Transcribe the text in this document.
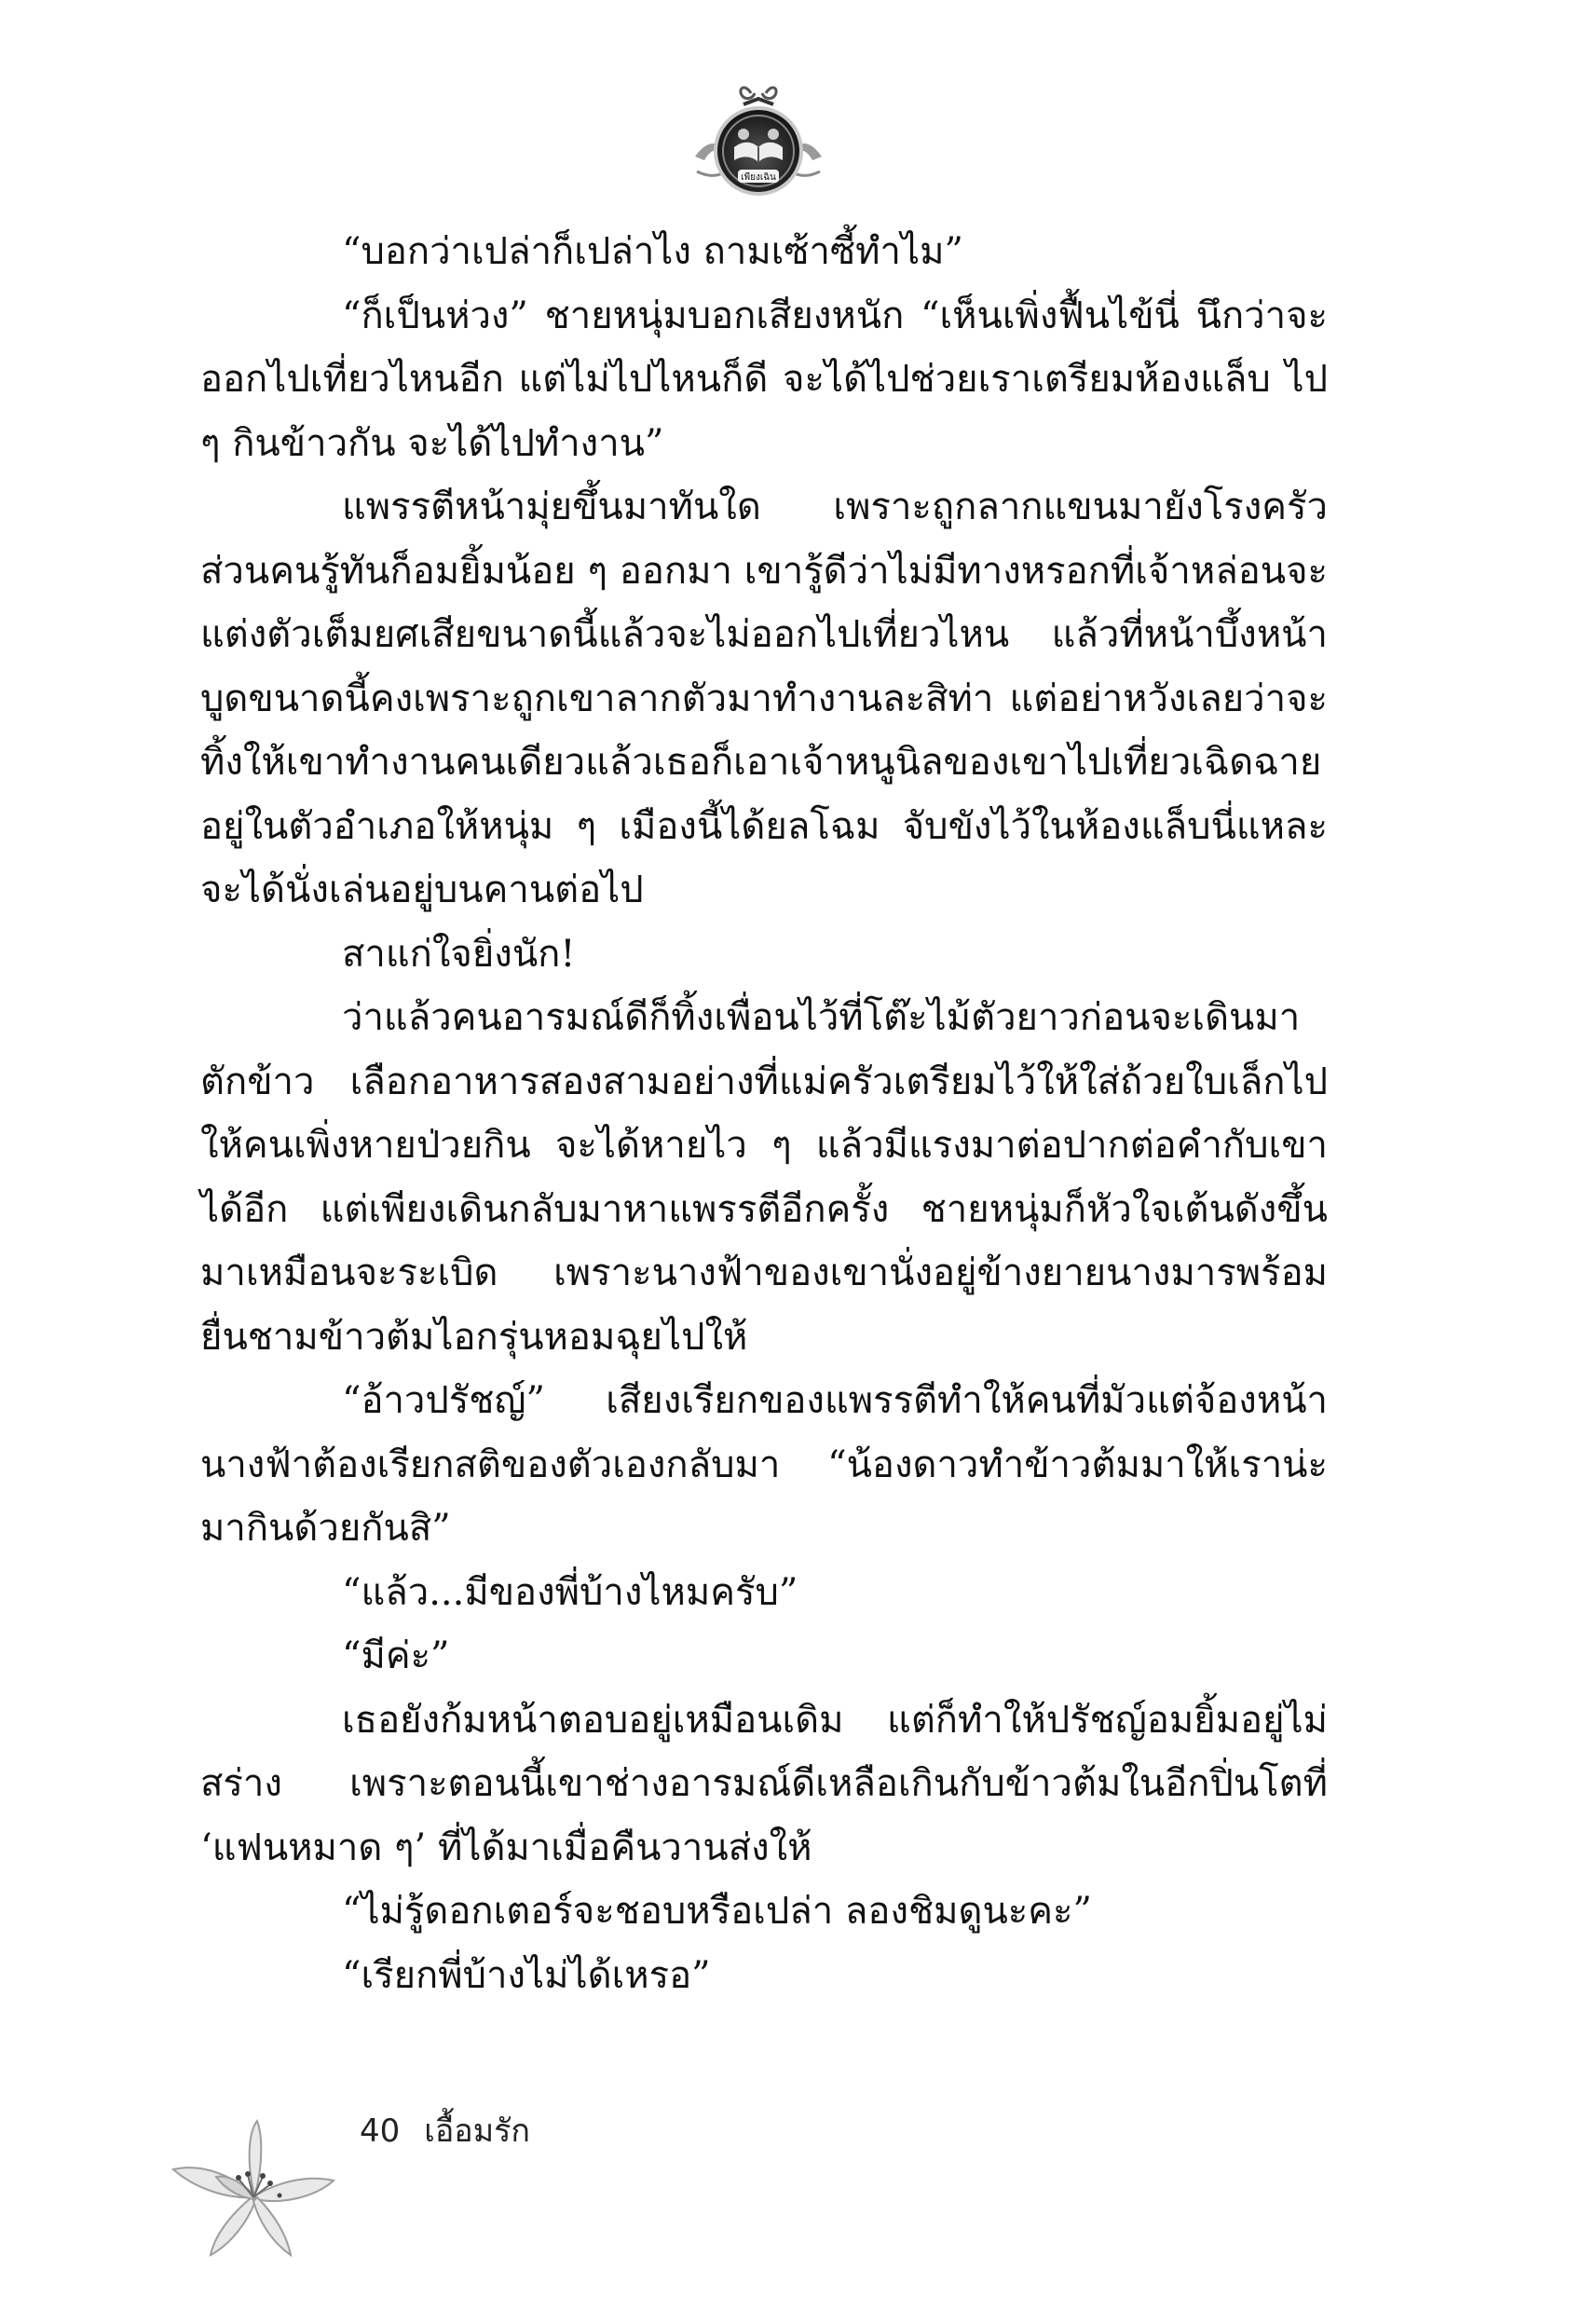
เพียงเฉิน

“บอกว่าเปล่าก็เปล่าไง ถามเซ้าซี้ทำไม”

“ก็เป็นห่วง” ชายหนุ่มบอกเสียงหนัก “เห็นเพิ่งฟื้นไข้นี่ นึกว่าจะออกไปเที่ยวไหนอีก แต่ไม่ไปไหนก็ดี จะได้ไปช่วยเราเตรียมห้องแล็บ ไป ๆ กินข้าวกัน จะได้ไปทำงาน”

แพรรตีหน้ามุ่ยขึ้นมาทันใด เพราะถูกลากแขนมายังโรงครัว ส่วนคนรู้ทันก็อมยิ้มน้อย ๆ ออกมา เขารู้ดีว่าไม่มีทางหรอกที่เจ้าหล่อนจะแต่งตัวเต็มยศเสียขนาดนี้แล้วจะไม่ออกไปเที่ยวไหน แล้วที่หน้าบึ้งหน้าบูดขนาดนี้คงเพราะถูกเขาลากตัวมาทำงานละสิท่า แต่อย่าหวังเลยว่าจะทิ้งให้เขาทำงานคนเดียวแล้วเธอก็เอาเจ้าหนูนิลของเขาไปเที่ยวเฉิดฉายอยู่ในตัวอำเภอให้หนุ่ม ๆ เมืองนี้ได้ยลโฉม จับขังไว้ในห้องแล็บนี่แหละ จะได้นั่งเล่นอยู่บนคานต่อไป

สาแก่ใจยิ่งนัก!

ว่าแล้วคนอารมณ์ดีก็ทิ้งเพื่อนไว้ที่โต๊ะไม้ตัวยาวก่อนจะเดินมาตักข้าว เลือกอาหารสองสามอย่างที่แม่ครัวเตรียมไว้ให้ใส่ถ้วยใบเล็กไปให้คนเพิ่งหายป่วยกิน จะได้หายไว ๆ แล้วมีแรงมาต่อปากต่อคำกับเขาได้อีก แต่เพียงเดินกลับมาหาแพรรตีอีกครั้ง ชายหนุ่มก็หัวใจเต้นดังขึ้นมาเหมือนจะระเบิด เพราะนางฟ้าของเขานั่งอยู่ข้างยายนางมารพร้อมยื่นชามข้าวต้มไอกรุ่นหอมฉุยไปให้

“อ้าวปรัชญ์” เสียงเรียกของแพรรตีทำให้คนที่มัวแต่จ้องหน้านางฟ้าต้องเรียกสติของตัวเองกลับมา “น้องดาวทำข้าวต้มมาให้เราน่ะ มากินด้วยกันสิ”

“แล้ว...มีของพี่บ้างไหมครับ”

“มีค่ะ”

เธอยังก้มหน้าตอบอยู่เหมือนเดิม แต่ก็ทำให้ปรัชญ์อมยิ้มอยู่ไม่สร่าง เพราะตอนนี้เขาช่างอารมณ์ดีเหลือเกินกับข้าวต้มในอีกปิ่นโตที่ ‘แฟนหมาด ๆ’ ที่ได้มาเมื่อคืนวานส่งให้

“ไม่รู้ดอกเตอร์จะชอบหรือเปล่า ลองชิมดูนะคะ”

“เรียกพี่บ้างไม่ได้เหรอ”

40 เอื้อมรัก
